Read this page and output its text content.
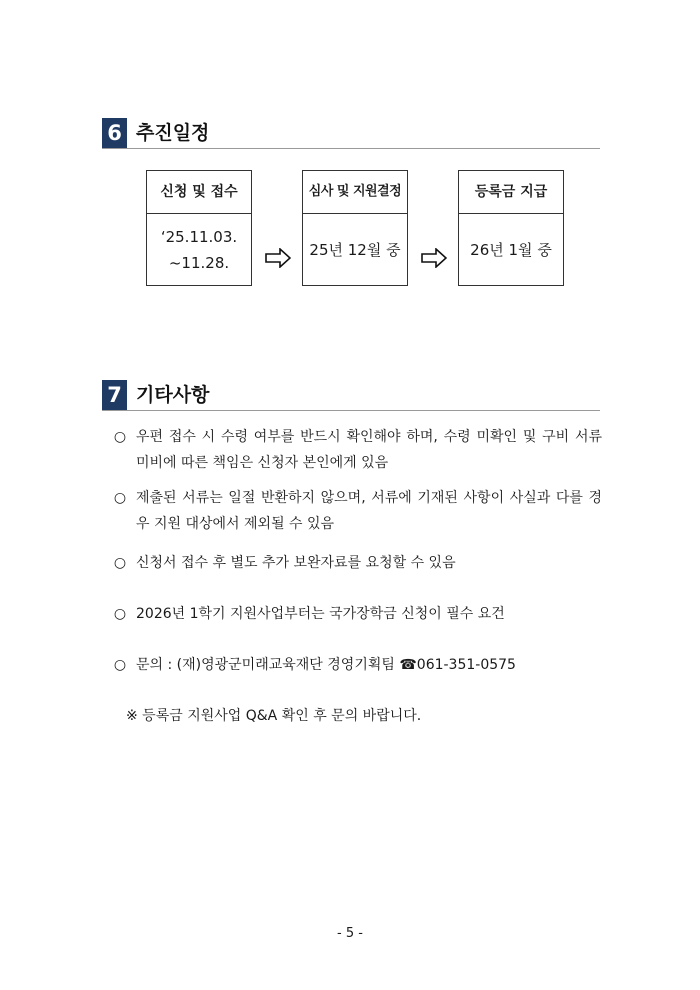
6 추진일정
신청 및 접수
‘25.11.03.
~11.28.
심사 및 지원결정
25년 12월 중
등록금 지급
26년 1월 중
7 기타사항
○ 우편 접수 시 수령 여부를 반드시 확인해야 하며, 수령 미확인 및 구비 서류 미비에 따른 책임은 신청자 본인에게 있음
○ 제출된 서류는 일절 반환하지 않으며, 서류에 기재된 사항이 사실과 다를 경우 지원 대상에서 제외될 수 있음
○ 신청서 접수 후 별도 추가 보완자료를 요청할 수 있음
○ 2026년 1학기 지원사업부터는 국가장학금 신청이 필수 요건
○ 문의 : (재)영광군미래교육재단 경영기획팀 ☎061-351-0575
※ 등록금 지원사업 Q&A 확인 후 문의 바랍니다.
- 5 -
